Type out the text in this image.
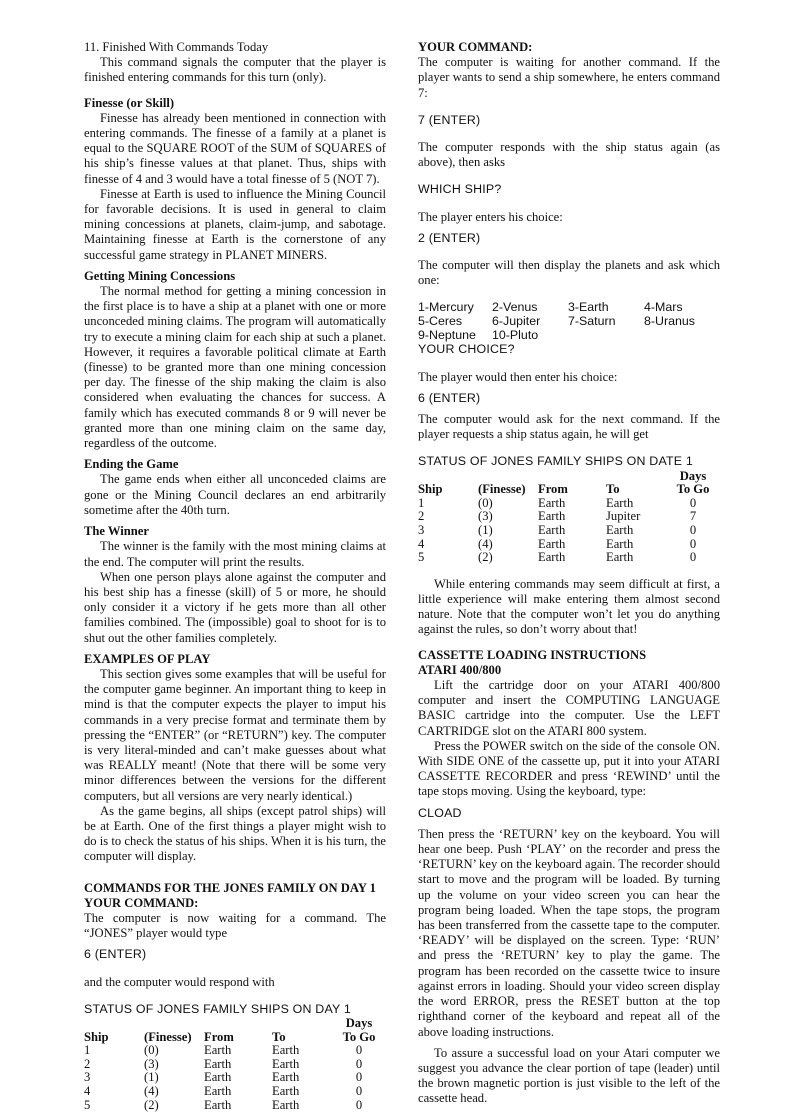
11. Finished With Commands Today

This command signals the computer that the player is finished entering commands for this turn (only).

Finesse (or Skill)

Finesse has already been mentioned in connection with entering commands. The finesse of a family at a planet is equal to the SQUARE ROOT of the SUM of SQUARES of his ship’s finesse values at that planet. Thus, ships with finesse of 4 and 3 would have a total finesse of 5 (NOT 7).

Finesse at Earth is used to influence the Mining Council for favorable decisions. It is used in general to claim mining concessions at planets, claim-jump, and sabotage. Maintaining finesse at Earth is the cornerstone of any successful game strategy in PLANET MINERS.

Getting Mining Concessions

The normal method for getting a mining concession in the first place is to have a ship at a planet with one or more unconceded mining claims. The program will automatically try to execute a mining claim for each ship at such a planet. However, it requires a favorable political climate at Earth (finesse) to be granted more than one mining concession per day. The finesse of the ship making the claim is also considered when evaluating the chances for success. A family which has executed commands 8 or 9 will never be granted more than one mining claim on the same day, regardless of the outcome.

Ending the Game

The game ends when either all unconceded claims are gone or the Mining Council declares an end arbitrarily sometime after the 40th turn.

The Winner

The winner is the family with the most mining claims at the end. The computer will print the results.

When one person plays alone against the computer and his best ship has a finesse (skill) of 5 or more, he should only consider it a victory if he gets more than all other families combined. The (impossible) goal to shoot for is to shut out the other families completely.

EXAMPLES OF PLAY

This section gives some examples that will be useful for the computer game beginner. An important thing to keep in mind is that the computer expects the player to imput his commands in a very precise format and terminate them by pressing the “ENTER” (or “RETURN”) key. The computer is very literal-minded and can’t make guesses about what was REALLY meant! (Note that there will be some very minor differences between the versions for the different computers, but all versions are very nearly identical.)

As the game begins, all ships (except patrol ships) will be at Earth. One of the first things a player might wish to do is to check the status of his ships. When it is his turn, the computer will display.

COMMANDS FOR THE JONES FAMILY ON DAY 1
YOUR COMMAND:

The computer is now waiting for a command. The “JONES” player would type

6 (ENTER)

and the computer would respond with

STATUS OF JONES FAMILY SHIPS ON DAY 1

				Days
Ship	(Finesse)	From	To	To Go
1	(0)	Earth	Earth	0
2	(3)	Earth	Earth	0
3	(1)	Earth	Earth	0
4	(4)	Earth	Earth	0
5	(2)	Earth	Earth	0
YOUR COMMAND:

The computer is waiting for another command. If the player wants to send a ship somewhere, he enters command 7:

7 (ENTER)

The computer responds with the ship status again (as above), then asks

WHICH SHIP?

The player enters his choice:

2 (ENTER)

The computer will then display the planets and ask which one:

1-Mercury	2-Venus	3-Earth	4-Mars
5-Ceres	6-Jupiter	7-Saturn	8-Uranus
9-Neptune	10-Pluto

YOUR CHOICE?

The player would then enter his choice:

6 (ENTER)

The computer would ask for the next command. If the player requests a ship status again, he will get

STATUS OF JONES FAMILY SHIPS ON DATE 1

				Days
Ship	(Finesse)	From	To	To Go
1	(0)	Earth	Earth	0
2	(3)	Earth	Jupiter	7
3	(1)	Earth	Earth	0
4	(4)	Earth	Earth	0
5	(2)	Earth	Earth	0

While entering commands may seem difficult at first, a little experience will make entering them almost second nature. Note that the computer won’t let you do anything against the rules, so don’t worry about that!

CASSETTE LOADING INSTRUCTIONS
ATARI 400/800

Lift the cartridge door on your ATARI 400/800 computer and insert the COMPUTING LANGUAGE BASIC cartridge into the computer. Use the LEFT CARTRIDGE slot on the ATARI 800 system.

Press the POWER switch on the side of the console ON. With SIDE ONE of the cassette up, put it into your ATARI CASSETTE RECORDER and press ‘REWIND’ until the tape stops moving. Using the keyboard, type:

CLOAD

Then press the ‘RETURN’ key on the keyboard. You will hear one beep. Push ‘PLAY’ on the recorder and press the ‘RETURN’ key on the keyboard again. The recorder should start to move and the program will be loaded. By turning up the volume on your video screen you can hear the program being loaded. When the tape stops, the program has been transferred from the cassette tape to the computer. ‘READY’ will be displayed on the screen. Type: ‘RUN’ and press the ‘RETURN’ key to play the game. The program has been recorded on the cassette twice to insure against errors in loading. Should your video screen display the word ERROR, press the RESET button at the top righthand corner of the keyboard and repeat all of the above loading instructions.

To assure a successful load on your Atari computer we suggest you advance the clear portion of tape (leader) until the brown magnetic portion is just visible to the left of the cassette head.
